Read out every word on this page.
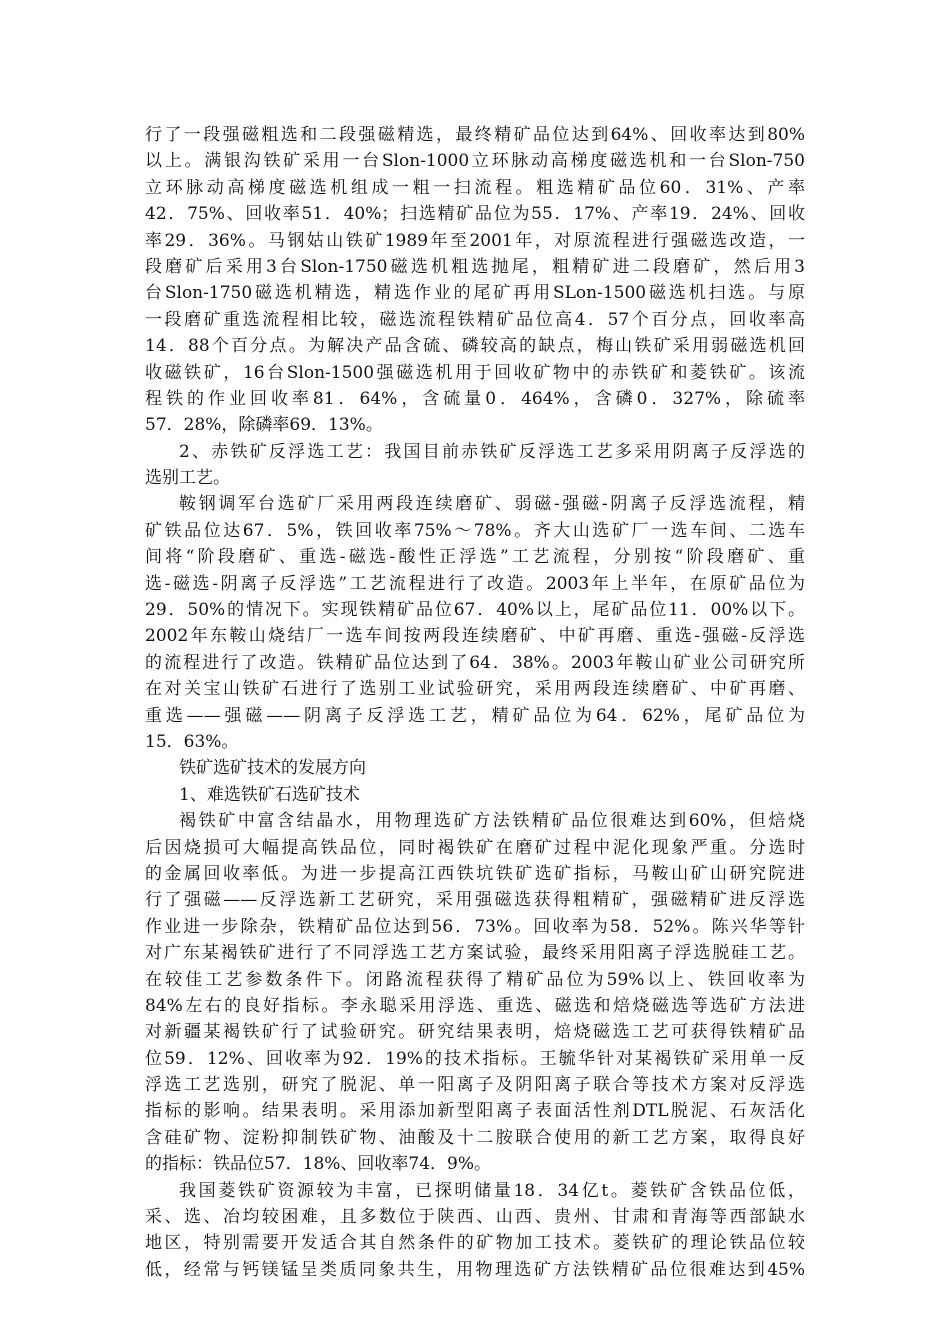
行了一段强磁粗选和二段强磁精选，最终精矿品位达到64%、回收率达到80%
以上。满银沟铁矿采用一台Slon-1000立环脉动高梯度磁选机和一台Slon-750
立环脉动高梯度磁选机组成一粗一扫流程。粗选精矿品位60．31%、产率
42．75%、回收率51．40%；扫选精矿品位为55．17%、产率19．24%、回收
率29．36%。马钢姑山铁矿1989年至2001年，对原流程进行强磁选改造，一
段磨矿后采用3台Slon-1750磁选机粗选抛尾，粗精矿进二段磨矿，然后用3
台Slon-1750磁选机精选，精选作业的尾矿再用SLon-1500磁选机扫选。与原
一段磨矿重选流程相比较，磁选流程铁精矿品位高4．57个百分点，回收率高
14．88个百分点。为解决产品含硫、磷较高的缺点，梅山铁矿采用弱磁选机回
收磁铁矿，16台Slon-1500强磁选机用于回收矿物中的赤铁矿和菱铁矿。该流
程铁的作业回收率81．64%，含硫量0．464%，含磷0．327%，除硫率
57．28%，除磷率69．13%。
2、赤铁矿反浮选工艺：我国目前赤铁矿反浮选工艺多采用阴离子反浮选的
选别工艺。
鞍钢调军台选矿厂采用两段连续磨矿、弱磁-强磁-阴离子反浮选流程，精
矿铁品位达67．5%，铁回收率75%～78%。齐大山选矿厂一选车间、二选车
间将“阶段磨矿、重选-磁选-酸性正浮选”工艺流程，分别按“阶段磨矿、重
选-磁选-阴离子反浮选”工艺流程进行了改造。2003年上半年，在原矿品位为
29．50%的情况下。实现铁精矿品位67．40%以上，尾矿品位11．00%以下。
2002年东鞍山烧结厂一选车间按两段连续磨矿、中矿再磨、重选-强磁-反浮选
的流程进行了改造。铁精矿品位达到了64．38%。2003年鞍山矿业公司研究所
在对关宝山铁矿石进行了选别工业试验研究，采用两段连续磨矿、中矿再磨、
重选——强磁——阴离子反浮选工艺，精矿品位为64．62%，尾矿品位为
15．63%。
铁矿选矿技术的发展方向
1、难选铁矿石选矿技术
褐铁矿中富含结晶水，用物理选矿方法铁精矿品位很难达到60%，但焙烧
后因烧损可大幅提高铁品位，同时褐铁矿在磨矿过程中泥化现象严重。分选时
的金属回收率低。为进一步提高江西铁坑铁矿选矿指标，马鞍山矿山研究院进
行了强磁——反浮选新工艺研究，采用强磁选获得粗精矿，强磁精矿进反浮选
作业进一步除杂，铁精矿品位达到56．73%。回收率为58．52%。陈兴华等针
对广东某褐铁矿进行了不同浮选工艺方案试验，最终采用阳离子浮选脱硅工艺。
在较佳工艺参数条件下。闭路流程获得了精矿品位为59%以上、铁回收率为
84%左右的良好指标。李永聪采用浮选、重选、磁选和焙烧磁选等选矿方法进
对新疆某褐铁矿行了试验研究。研究结果表明，焙烧磁选工艺可获得铁精矿品
位59．12%、回收率为92．19%的技术指标。王毓华针对某褐铁矿采用单一反
浮选工艺选别，研究了脱泥、单一阳离子及阴阳离子联合等技术方案对反浮选
指标的影响。结果表明。采用添加新型阳离子表面活性剂DTL脱泥、石灰活化
含硅矿物、淀粉抑制铁矿物、油酸及十二胺联合使用的新工艺方案，取得良好
的指标：铁品位57．18%、回收率74．9%。
我国菱铁矿资源较为丰富，已探明储量18．34亿t。菱铁矿含铁品位低，
采、选、冶均较困难，且多数位于陕西、山西、贵州、甘肃和青海等西部缺水
地区，特别需要开发适合其自然条件的矿物加工技术。菱铁矿的理论铁品位较
低，经常与钙镁锰呈类质同象共生，用物理选矿方法铁精矿品位很难达到45%
